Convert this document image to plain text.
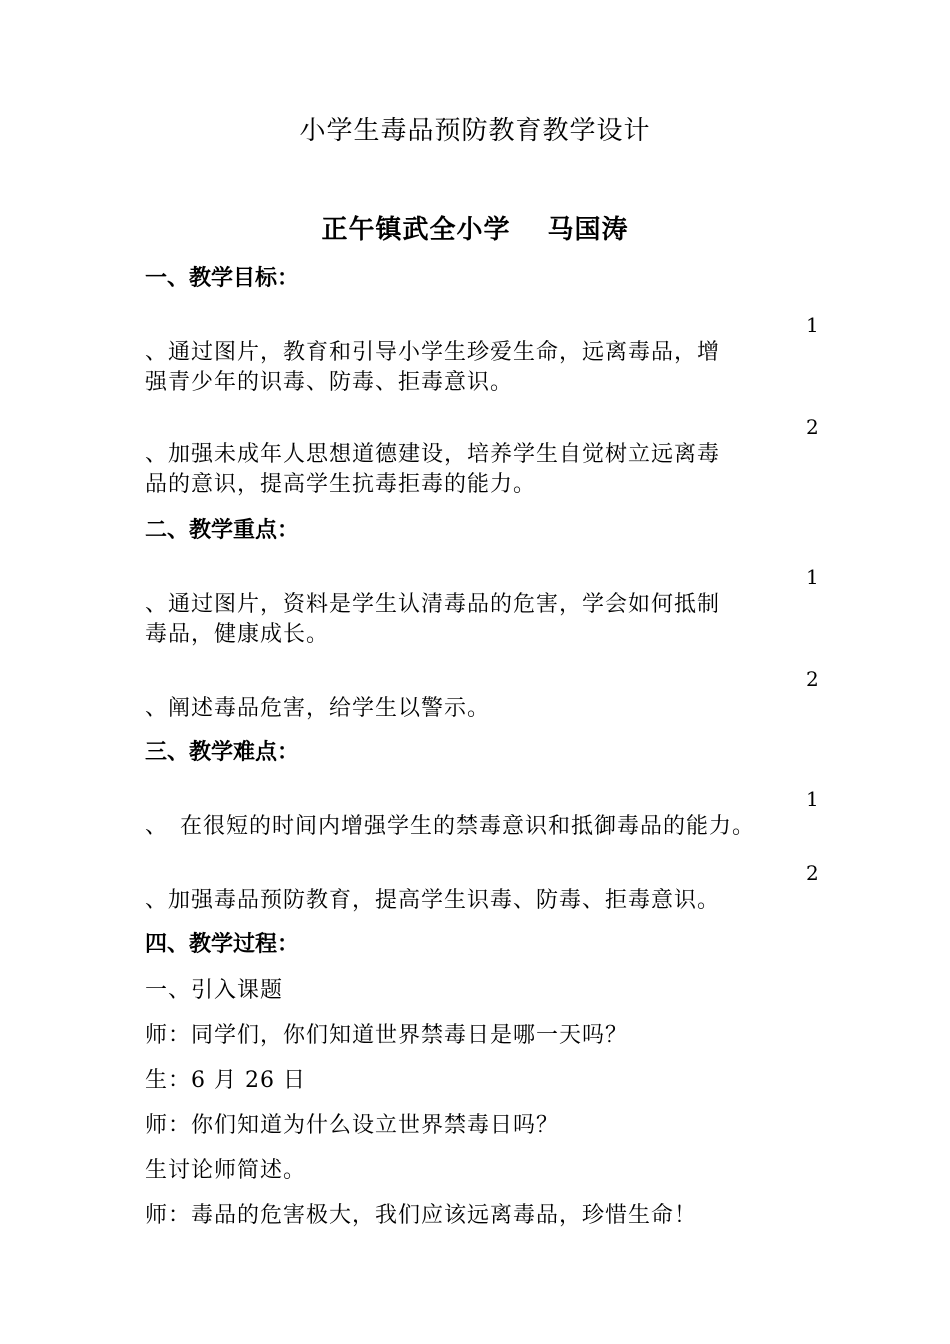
小学生毒品预防教育教学设计
正午镇武全小学　 马国涛
一、教学目标：
1
、通过图片，教育和引导小学生珍爱生命，远离毒品，增
强青少年的识毒、防毒、拒毒意识。
2
、加强未成年人思想道德建设，培养学生自觉树立远离毒
品的意识，提高学生抗毒拒毒的能力。
二、教学重点：
1
、通过图片，资料是学生认清毒品的危害，学会如何抵制
毒品，健康成长。
2
、阐述毒品危害，给学生以警示。
三、教学难点：
1
、　在很短的时间内增强学生的禁毒意识和抵御毒品的能力。
2
、加强毒品预防教育，提高学生识毒、防毒、拒毒意识。
四、教学过程：
一、引入课题
师：同学们，你们知道世界禁毒日是哪一天吗？
生：6 月 26 日
师：你们知道为什么设立世界禁毒日吗？
生讨论师简述。
师：毒品的危害极大，我们应该远离毒品，珍惜生命！
